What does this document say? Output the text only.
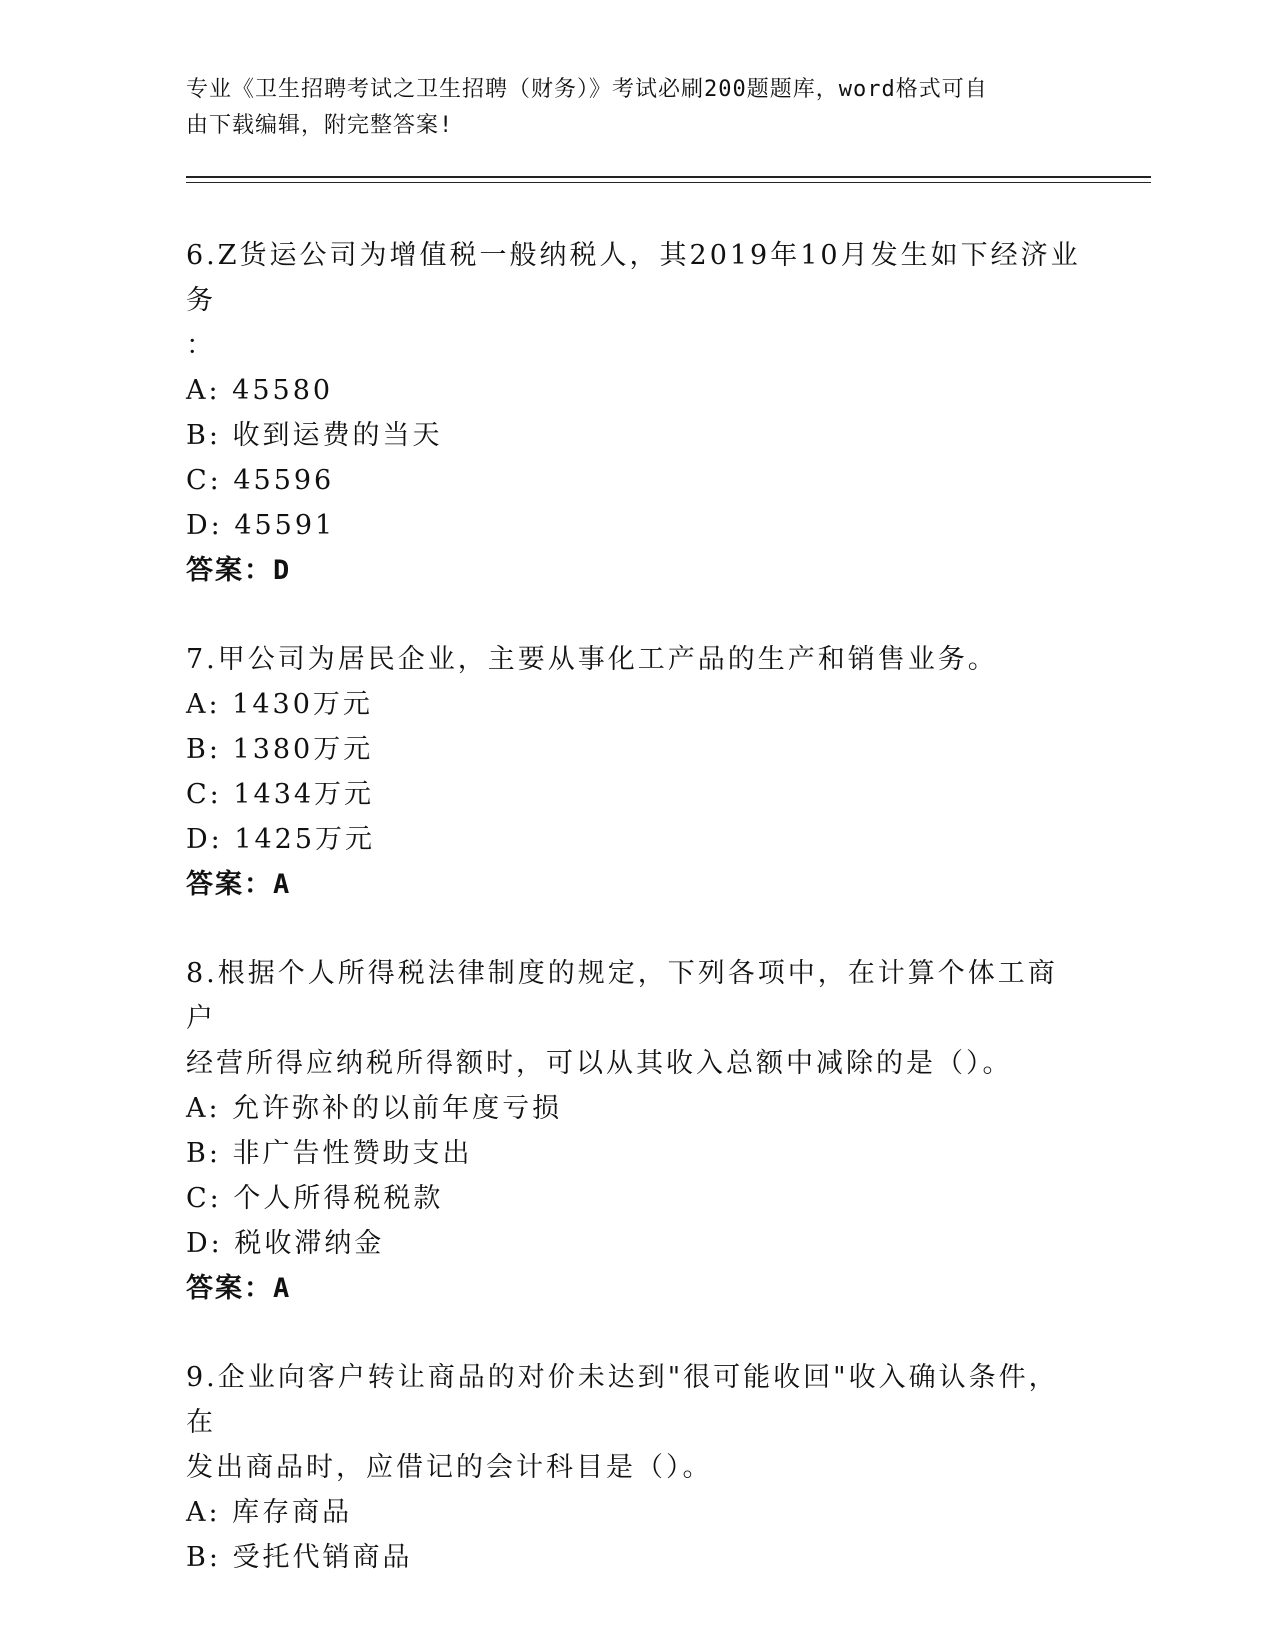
专业《卫生招聘考试之卫生招聘（财务）》考试必刷200题题库，word格式可自
由下载编辑，附完整答案!
6.Z货运公司为增值税一般纳税人，其2019年10月发生如下经济业务
：
A: 45580
B: 收到运费的当天
C: 45596
D: 45591
答案：D
7.甲公司为居民企业，主要从事化工产品的生产和销售业务。
A: 1430万元
B: 1380万元
C: 1434万元
D: 1425万元
答案：A
8.根据个人所得税法律制度的规定，下列各项中，在计算个体工商户
经营所得应纳税所得额时，可以从其收入总额中减除的是（）。
A: 允许弥补的以前年度亏损
B: 非广告性赞助支出
C: 个人所得税税款
D: 税收滞纳金
答案：A
9.企业向客户转让商品的对价未达到"很可能收回"收入确认条件，在
发出商品时，应借记的会计科目是（）。
A: 库存商品
B: 受托代销商品
